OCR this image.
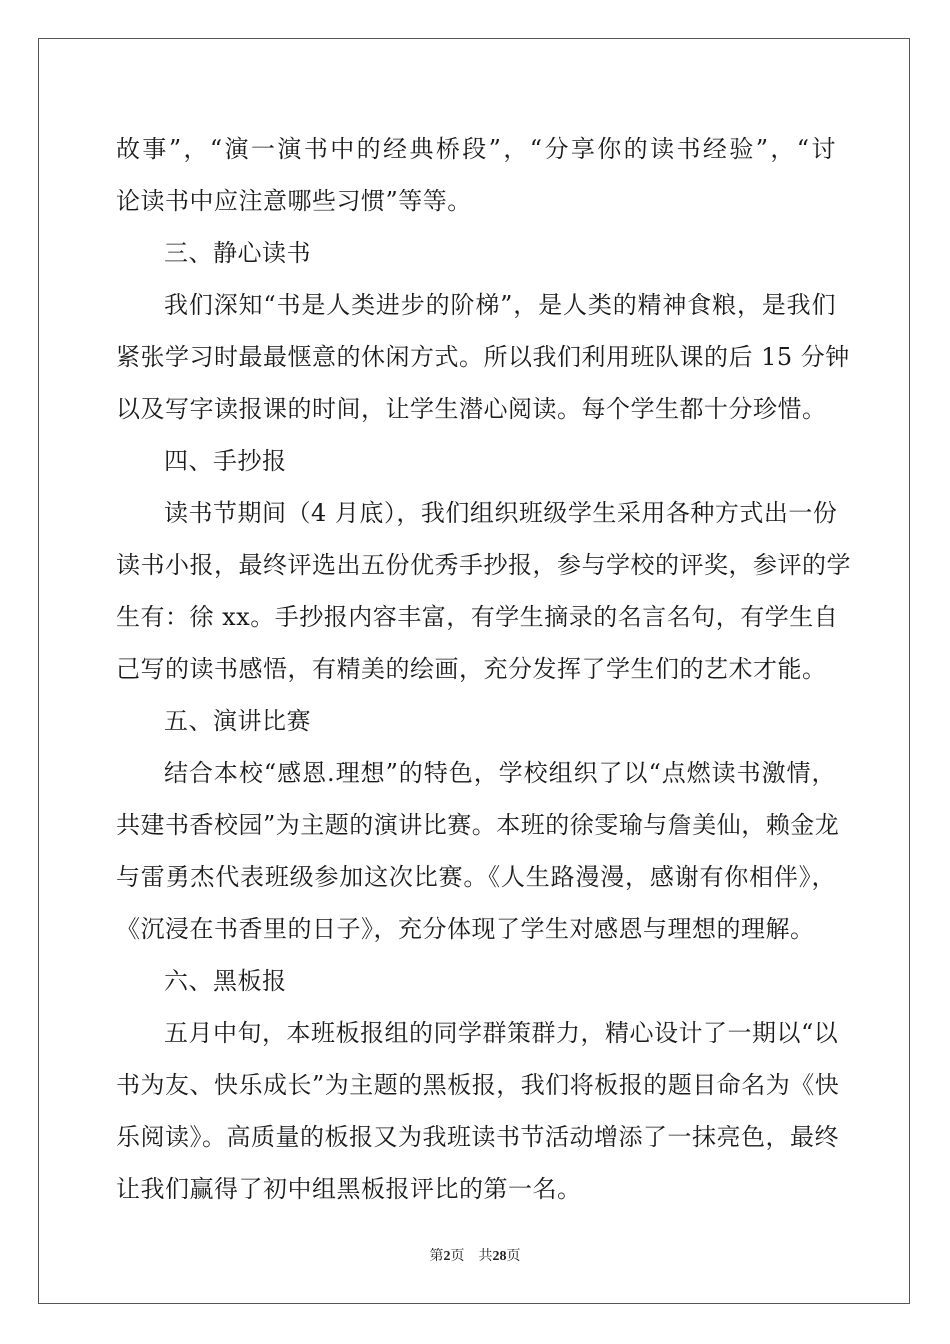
故事”，“演一演书中的经典桥段”，“分享你的读书经验”，“讨
论读书中应注意哪些习惯”等等。
三、静心读书
我们深知“书是人类进步的阶梯”，是人类的精神食粮，是我们
紧张学习时最最惬意的休闲方式。所以我们利用班队课的后 15 分钟
以及写字读报课的时间，让学生潜心阅读。每个学生都十分珍惜。
四、手抄报
读书节期间（4 月底），我们组织班级学生采用各种方式出一份
读书小报，最终评选出五份优秀手抄报，参与学校的评奖，参评的学
生有：徐 xx。手抄报内容丰富，有学生摘录的名言名句，有学生自
己写的读书感悟，有精美的绘画，充分发挥了学生们的艺术才能。
五、演讲比赛
结合本校“感恩.理想”的特色，学校组织了以“点燃读书激情，
共建书香校园”为主题的演讲比赛。本班的徐雯瑜与詹美仙，赖金龙
与雷勇杰代表班级参加这次比赛。《人生路漫漫，感谢有你相伴》，
《沉浸在书香里的日子》，充分体现了学生对感恩与理想的理解。
六、黑板报
五月中旬，本班板报组的同学群策群力，精心设计了一期以“以
书为友、快乐成长”为主题的黑板报，我们将板报的题目命名为《快
乐阅读》。高质量的板报又为我班读书节活动增添了一抹亮色，最终
让我们赢得了初中组黑板报评比的第一名。
第2页 共28页
